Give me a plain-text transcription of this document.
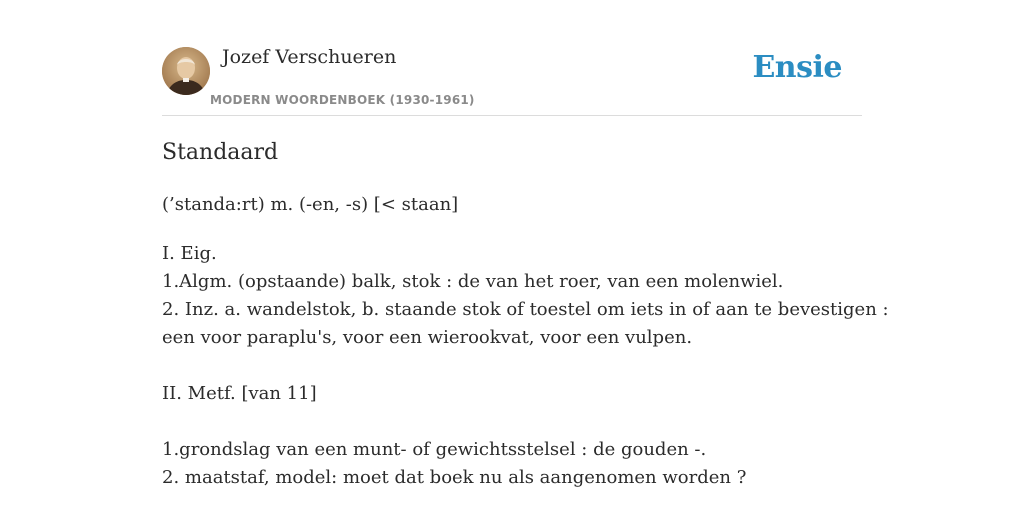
Jozef Verschueren
MODERN WOORDENBOEK (1930-1961)
Ensie
Standaard
(’standa:rt) m. (-en, -s) [< staan]
I. Eig.
1.Algm. (opstaande) balk, stok : de van het roer, van een molenwiel.
2. Inz. a. wandelstok, b. staande stok of toestel om iets in of aan te bevestigen :
een voor paraplu's, voor een wierookvat, voor een vulpen.
II. Metf. [van 11]
1.grondslag van een munt- of gewichtsstelsel : de gouden -.
2. maatstaf, model: moet dat boek nu als aangenomen worden ?
